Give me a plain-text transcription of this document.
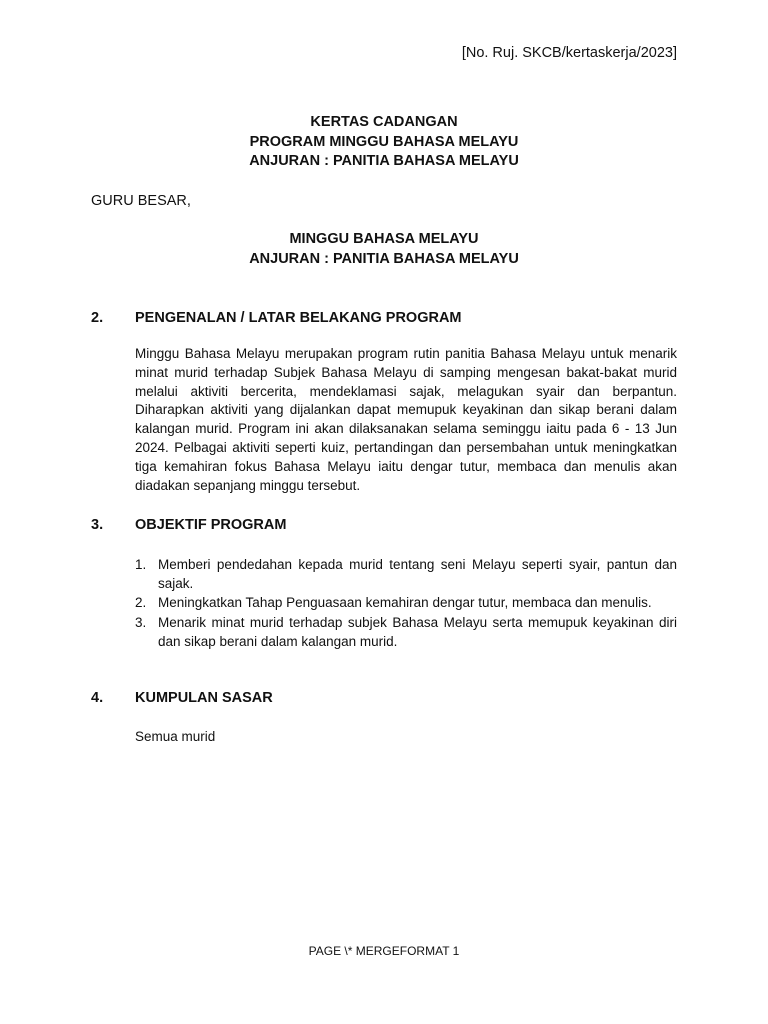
[No. Ruj. SKCB/kertaskerja/2023]
KERTAS CADANGAN
PROGRAM MINGGU BAHASA MELAYU
ANJURAN : PANITIA BAHASA MELAYU
GURU BESAR,
MINGGU BAHASA MELAYU
ANJURAN : PANITIA BAHASA MELAYU
2. PENGENALAN / LATAR BELAKANG PROGRAM
Minggu Bahasa Melayu merupakan program rutin panitia Bahasa Melayu untuk menarik minat murid terhadap Subjek Bahasa Melayu di samping mengesan bakat-bakat murid melalui aktiviti bercerita, mendeklamasi sajak, melagukan syair dan berpantun. Diharapkan aktiviti yang dijalankan dapat memupuk keyakinan dan sikap berani dalam kalangan murid. Program ini akan dilaksanakan selama seminggu iaitu pada 6 - 13 Jun 2024. Pelbagai aktiviti seperti kuiz, pertandingan dan persembahan untuk meningkatkan tiga kemahiran fokus Bahasa Melayu iaitu dengar tutur, membaca dan menulis akan diadakan sepanjang minggu tersebut.
3. OBJEKTIF PROGRAM
1. Memberi pendedahan kepada murid tentang seni Melayu seperti syair, pantun dan sajak.
2. Meningkatkan Tahap Penguasaan kemahiran dengar tutur, membaca dan menulis.
3. Menarik minat murid terhadap subjek Bahasa Melayu serta memupuk keyakinan diri dan sikap berani dalam kalangan murid.
4. KUMPULAN SASAR
Semua murid
PAGE \* MERGEFORMAT 1
